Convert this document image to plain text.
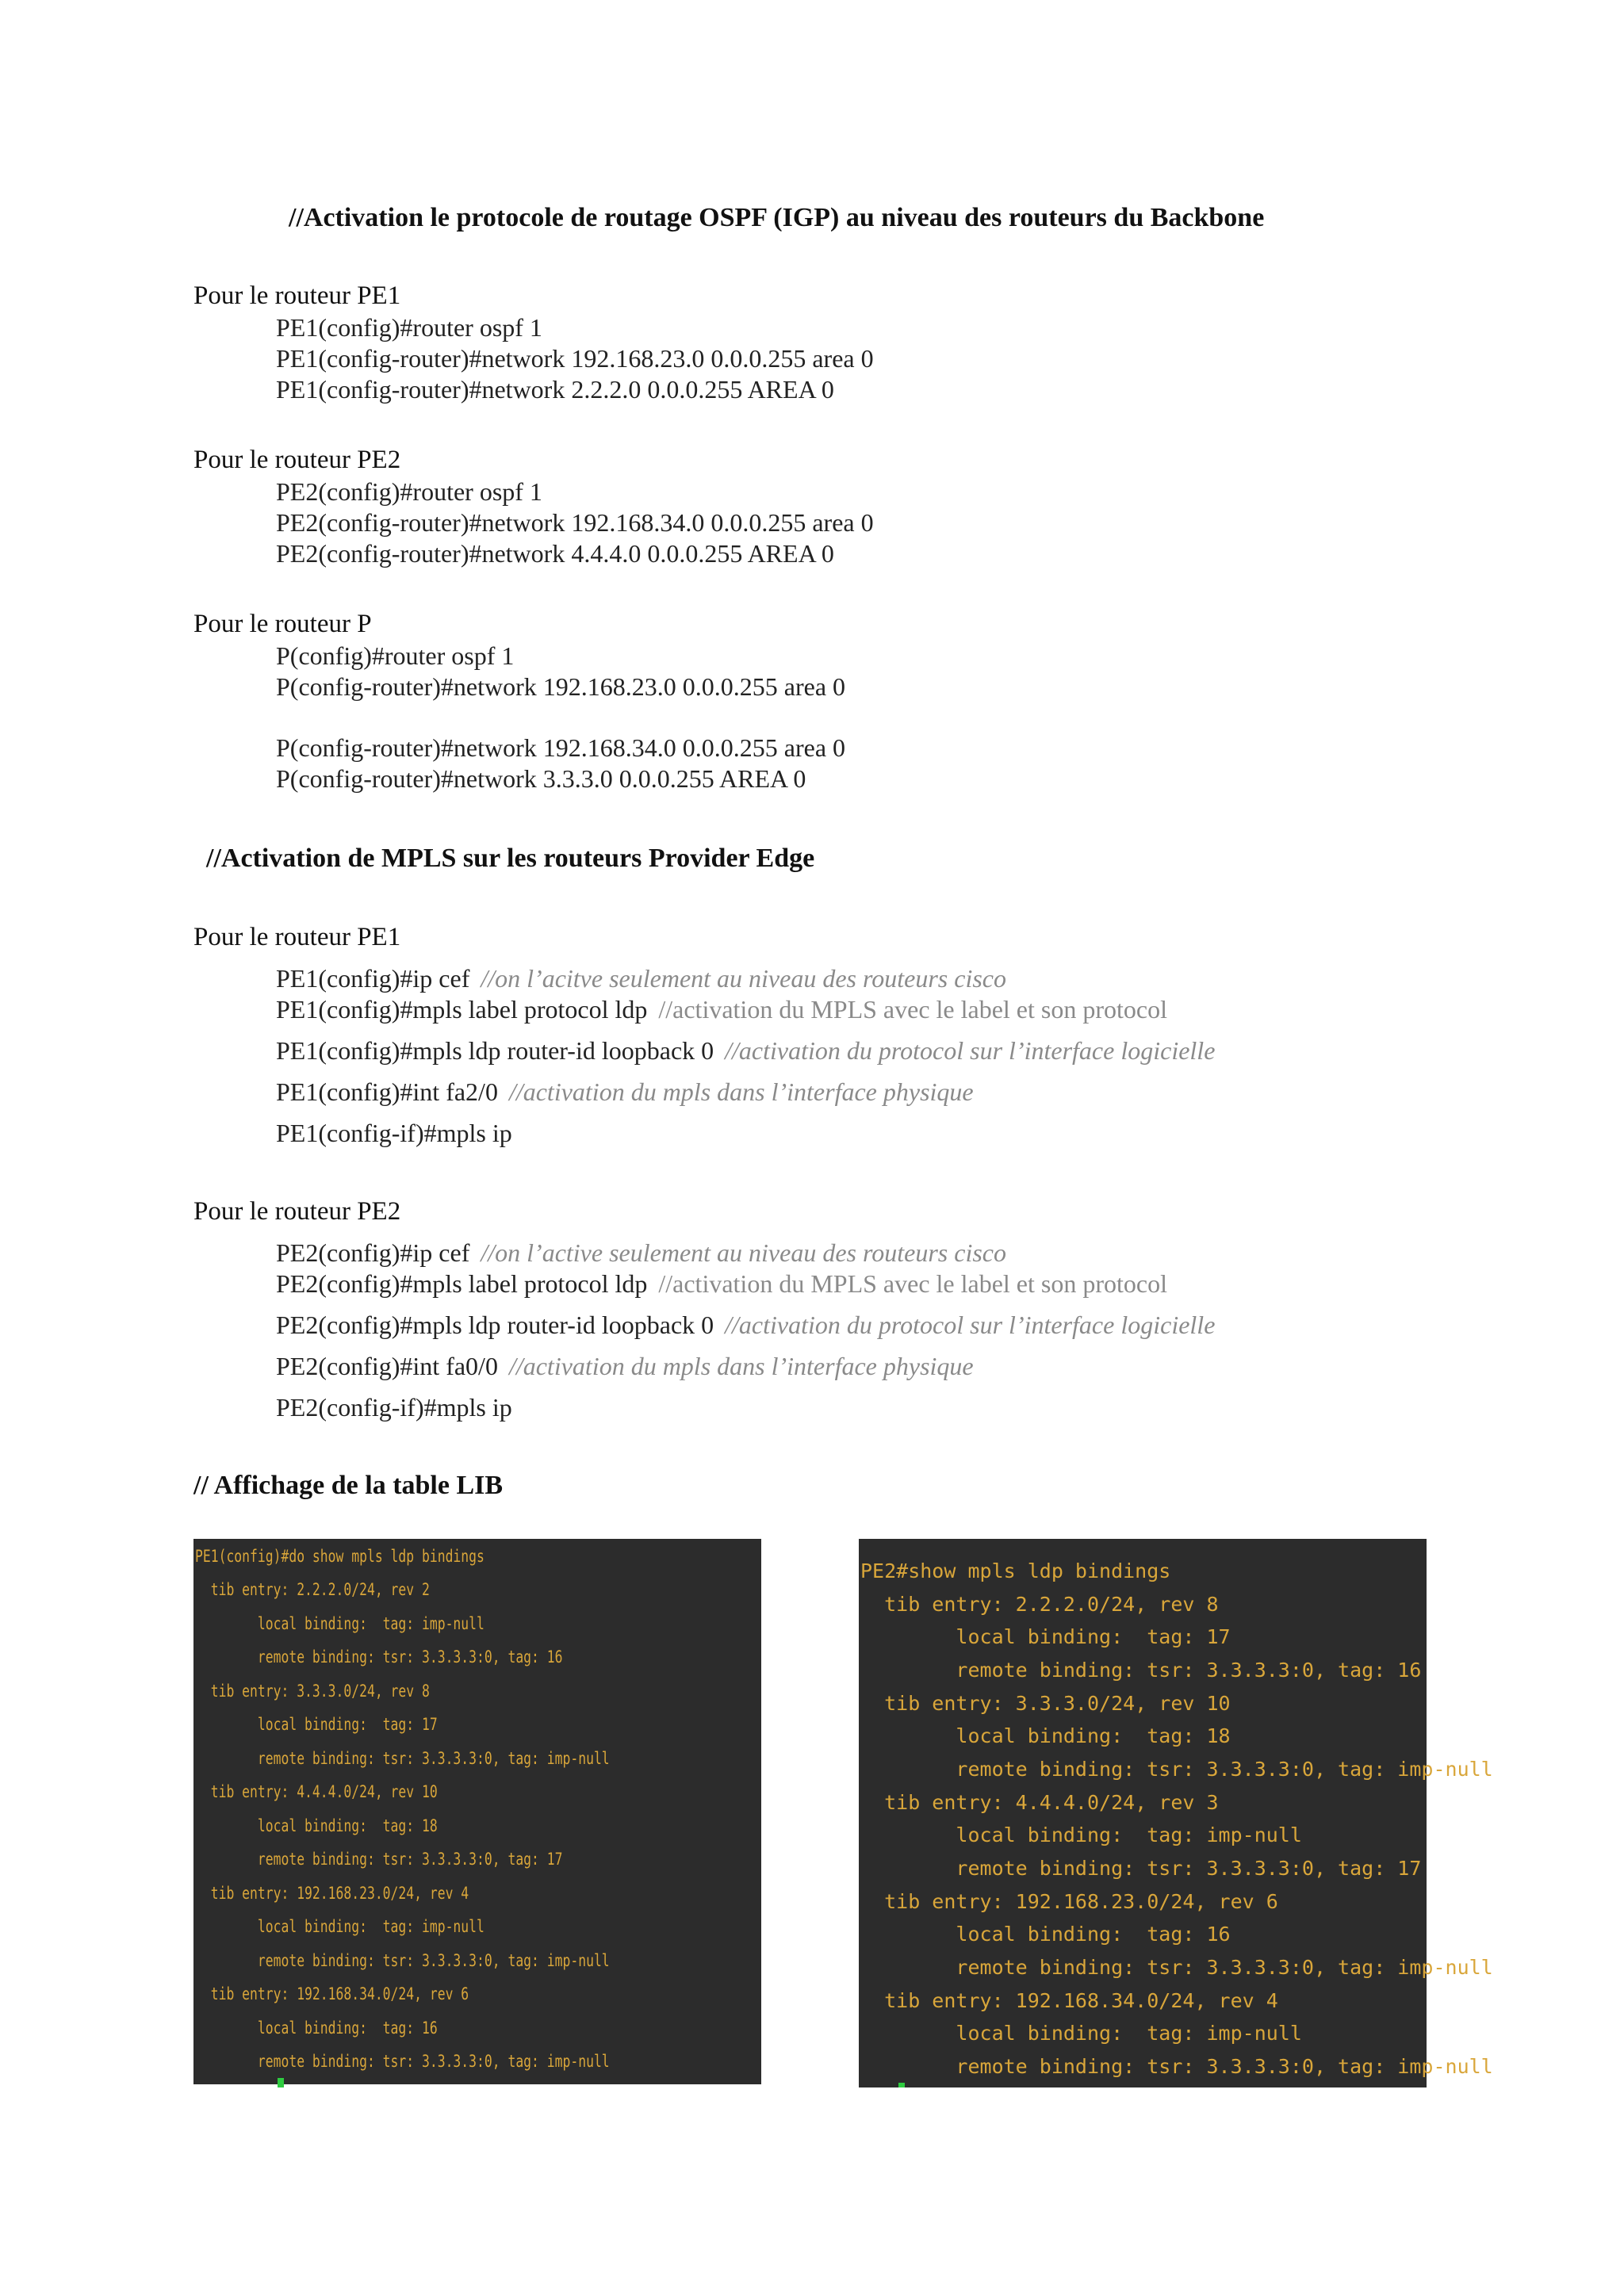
//Activation le protocole de routage OSPF (IGP) au niveau des routeurs du Backbone
Pour le routeur PE1
PE1(config)#router ospf 1
PE1(config-router)#network 192.168.23.0 0.0.0.255 area 0
PE1(config-router)#network 2.2.2.0 0.0.0.255 AREA 0
Pour le routeur PE2
PE2(config)#router ospf 1
PE2(config-router)#network 192.168.34.0 0.0.0.255 area 0
PE2(config-router)#network 4.4.4.0 0.0.0.255 AREA 0
Pour le routeur P
P(config)#router ospf 1
P(config-router)#network 192.168.23.0 0.0.0.255 area 0
P(config-router)#network 192.168.34.0 0.0.0.255 area 0
P(config-router)#network 3.3.3.0 0.0.0.255 AREA 0
//Activation de MPLS sur les routeurs Provider Edge
Pour le routeur PE1
PE1(config)#ip cef //on l’acitve seulement au niveau des routeurs cisco
PE1(config)#mpls label protocol ldp //activation du MPLS avec le label et son protocol
PE1(config)#mpls ldp router-id loopback 0 //activation du protocol sur l’interface logicielle
PE1(config)#int fa2/0 //activation du mpls dans l’interface physique
PE1(config-if)#mpls ip
Pour le routeur PE2
PE2(config)#ip cef //on l’active seulement au niveau des routeurs cisco
PE2(config)#mpls label protocol ldp //activation du MPLS avec le label et son protocol
PE2(config)#mpls ldp router-id loopback 0 //activation du protocol sur l’interface logicielle
PE2(config)#int fa0/0 //activation du mpls dans l’interface physique
PE2(config-if)#mpls ip
// Affichage de la table LIB
PE1(config)#do show mpls ldp bindings
tib entry: 2.2.2.0/24, rev 2
local binding:  tag: imp-null
remote binding: tsr: 3.3.3.3:0, tag: 16
tib entry: 3.3.3.0/24, rev 8
local binding:  tag: 17
remote binding: tsr: 3.3.3.3:0, tag: imp-null
tib entry: 4.4.4.0/24, rev 10
local binding:  tag: 18
remote binding: tsr: 3.3.3.3:0, tag: 17
tib entry: 192.168.23.0/24, rev 4
local binding:  tag: imp-null
remote binding: tsr: 3.3.3.3:0, tag: imp-null
tib entry: 192.168.34.0/24, rev 6
local binding:  tag: 16
remote binding: tsr: 3.3.3.3:0, tag: imp-null
PE2#show mpls ldp bindings
tib entry: 2.2.2.0/24, rev 8
local binding:  tag: 17
remote binding: tsr: 3.3.3.3:0, tag: 16
tib entry: 3.3.3.0/24, rev 10
local binding:  tag: 18
remote binding: tsr: 3.3.3.3:0, tag: imp-null
tib entry: 4.4.4.0/24, rev 3
local binding:  tag: imp-null
remote binding: tsr: 3.3.3.3:0, tag: 17
tib entry: 192.168.23.0/24, rev 6
local binding:  tag: 16
remote binding: tsr: 3.3.3.3:0, tag: imp-null
tib entry: 192.168.34.0/24, rev 4
local binding:  tag: imp-null
remote binding: tsr: 3.3.3.3:0, tag: imp-null
